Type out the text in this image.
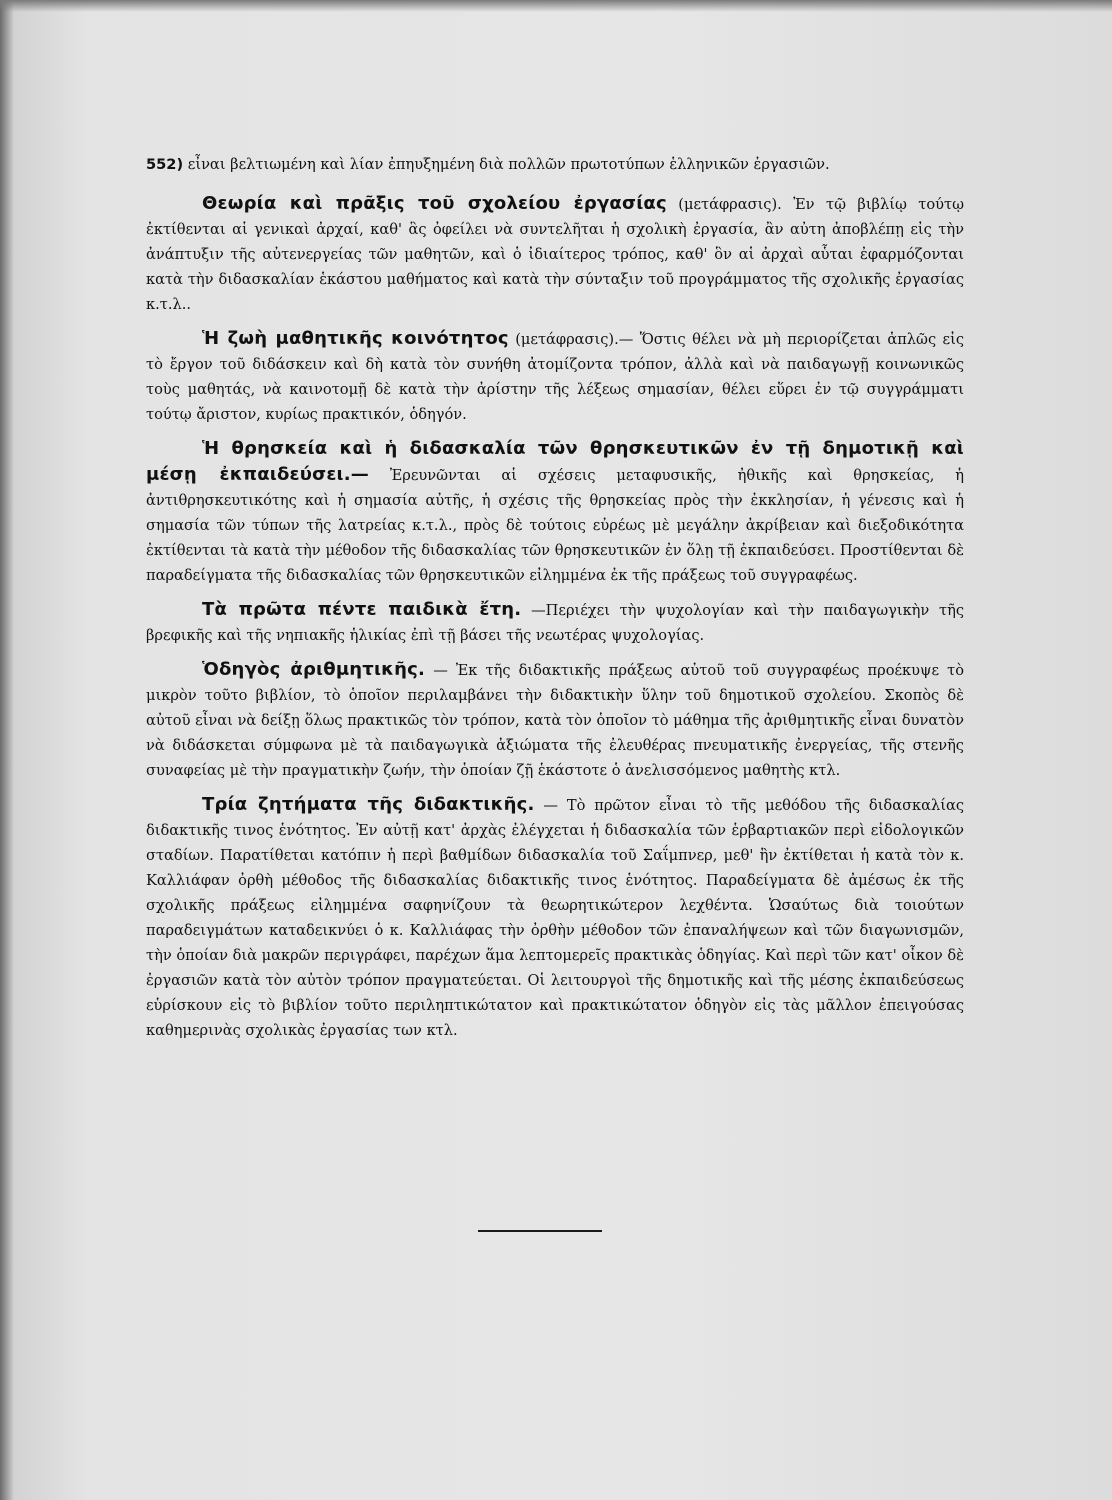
552) εἶναι βελτιωμένη καὶ λίαν ἐπηυξημένη διὰ πολλῶν πρωτοτύπων ἑλληνικῶν ἐργασιῶν.

Θεωρία καὶ πρᾶξις τοῦ σχολείου ἐργασίας (μετάφρασις). Ἐν τῷ βιβλίῳ τούτῳ ἐκτίθενται αἱ γενικαὶ ἀρχαί, καθ' ἃς ὀφείλει νὰ συντελῆται ἡ σχολικὴ ἐργασία, ἂν αὐτη ἀποβλέπῃ εἰς τὴν ἀνάπτυξιν τῆς αὐτενεργείας τῶν μαθητῶν, καὶ ὁ ἰδιαίτερος τρόπος, καθ' ὃν αἱ ἀρχαὶ αὗται ἐφαρμόζονται κατὰ τὴν διδασκαλίαν ἑκάστου μαθήματος καὶ κατὰ τὴν σύνταξιν τοῦ προγράμματος τῆς σχολικῆς ἐργασίας κ.τ.λ..

Ἡ ζωὴ μαθητικῆς κοινότητος (μετάφρασις).— Ὅστις θέλει νὰ μὴ περιορίζεται ἁπλῶς εἰς τὸ ἔργον τοῦ διδάσκειν καὶ δὴ κατὰ τὸν συνήθη ἀτομίζοντα τρόπον, ἀλλὰ καὶ νὰ παιδαγωγῇ κοινωνικῶς τοὺς μαθητάς, νὰ καινοτομῇ δὲ κατὰ τὴν ἀρίστην τῆς λέξεως σημασίαν, θέλει εὕρει ἐν τῷ συγγράμματι τούτῳ ἄριστον, κυρίως πρακτικόν, ὁδηγόν.

Ἡ θρησκεία καὶ ἡ διδασκαλία τῶν θρησκευτικῶν ἐν τῇ δημοτικῇ καὶ μέσῃ ἐκπαιδεύσει.— Ἐρευνῶνται αἱ σχέσεις μεταφυσικῆς, ἠθικῆς καὶ θρησκείας, ἡ ἀντιθρησκευτικότης καὶ ἡ σημασία αὐτῆς, ἡ σχέσις τῆς θρησκείας πρὸς τὴν ἐκκλησίαν, ἡ γένεσις καὶ ἡ σημασία τῶν τύπων τῆς λατρείας κ.τ.λ., πρὸς δὲ τούτοις εὐρέως μὲ μεγάλην ἀκρίβειαν καὶ διεξοδικότητα ἐκτίθενται τὰ κατὰ τὴν μέθοδον τῆς διδασκαλίας τῶν θρησκευτικῶν ἐν ὅλῃ τῇ ἐκπαιδεύσει. Προστίθενται δὲ παραδείγματα τῆς διδασκαλίας τῶν θρησκευτικῶν εἰλημμένα ἐκ τῆς πράξεως τοῦ συγγραφέως.

Τὰ πρῶτα πέντε παιδικὰ ἔτη. —Περιέχει τὴν ψυχολογίαν καὶ τὴν παιδαγωγικὴν τῆς βρεφικῆς καὶ τῆς νηπιακῆς ἡλικίας ἐπὶ τῇ βάσει τῆς νεωτέρας ψυχολογίας.

Ὁδηγὸς ἀριθμητικῆς. — Ἐκ τῆς διδακτικῆς πράξεως αὐτοῦ τοῦ συγγραφέως προέκυψε τὸ μικρὸν τοῦτο βιβλίον, τὸ ὁποῖον περιλαμβάνει τὴν διδακτικὴν ὕλην τοῦ δημοτικοῦ σχολείου. Σκοπὸς δὲ αὐτοῦ εἶναι νὰ δείξῃ ὅλως πρακτικῶς τὸν τρόπον, κατὰ τὸν ὁποῖον τὸ μάθημα τῆς ἀριθμητικῆς εἶναι δυνατὸν νὰ διδάσκεται σύμφωνα μὲ τὰ παιδαγωγικὰ ἀξιώματα τῆς ἐλευθέρας πνευματικῆς ἐνεργείας, τῆς στενῆς συναφείας μὲ τὴν πραγματικὴν ζωήν, τὴν ὁποίαν ζῇ ἑκάστοτε ὁ ἀνελισσόμενος μαθητὴς κτλ.

Τρία ζητήματα τῆς διδακτικῆς. — Τὸ πρῶτον εἶναι τὸ τῆς μεθόδου τῆς διδασκαλίας διδακτικῆς τινος ἑνότητος. Ἐν αὐτῇ κατ' ἀρχὰς ἐλέγχεται ἡ διδασκαλία τῶν ἑρβαρτιακῶν περὶ εἰδολογικῶν σταδίων. Παρατίθεται κατόπιν ἡ περὶ βαθμίδων διδασκαλία τοῦ Σαΐμπνερ, μεθ' ἣν ἐκτίθεται ἡ κατὰ τὸν κ. Καλλιάφαν ὀρθὴ μέθοδος τῆς διδασκαλίας διδακτικῆς τινος ἑνότητος. Παραδείγματα δὲ ἀμέσως ἐκ τῆς σχολικῆς πράξεως εἰλημμένα σαφηνίζουν τὰ θεωρητικώτερον λεχθέντα. Ὡσαύτως διὰ τοιούτων παραδειγμάτων καταδεικνύει ὁ κ. Καλλιάφας τὴν ὀρθὴν μέθοδον τῶν ἐπαναλήψεων καὶ τῶν διαγωνισμῶν, τὴν ὁποίαν διὰ μακρῶν περιγράφει, παρέχων ἅμα λεπτομερεῖς πρακτικὰς ὁδηγίας. Καὶ περὶ τῶν κατ' οἶκον δὲ ἐργασιῶν κατὰ τὸν αὐτὸν τρόπον πραγματεύεται. Οἱ λειτουργοὶ τῆς δημοτικῆς καὶ τῆς μέσης ἐκπαιδεύσεως εὑρίσκουν εἰς τὸ βιβλίον τοῦτο περιληπτικώτατον καὶ πρακτικώτατον ὁδηγὸν εἰς τὰς μᾶλλον ἐπειγούσας καθημερινὰς σχολικὰς ἐργασίας των κτλ.
